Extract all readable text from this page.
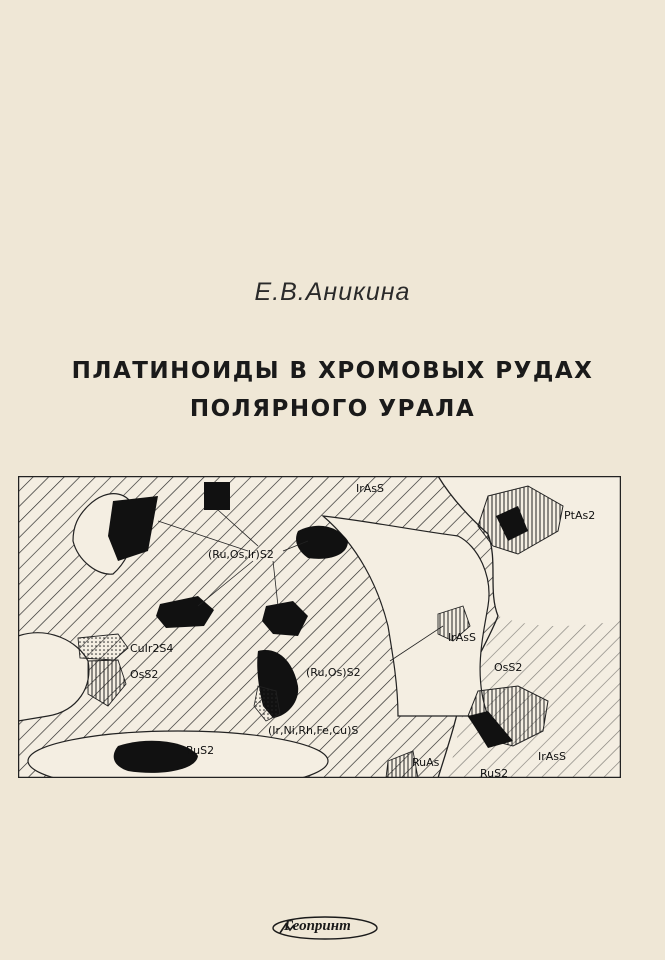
Е.В.Аникина
ПЛАТИНОИДЫ В ХРОМОВЫХ РУДАХ
ПОЛЯРНОГО УРАЛА
IrAsS
PtAs2
(Ru,Os,Ir)S2
IrAsS
CuIr2S4
OsS2	(Ru,Os)S2	OsS2
(Ir,Ni,Rh,Fe,Cu)S
IrAsS
RuS2
RuAs
RuS2
Геопринт
